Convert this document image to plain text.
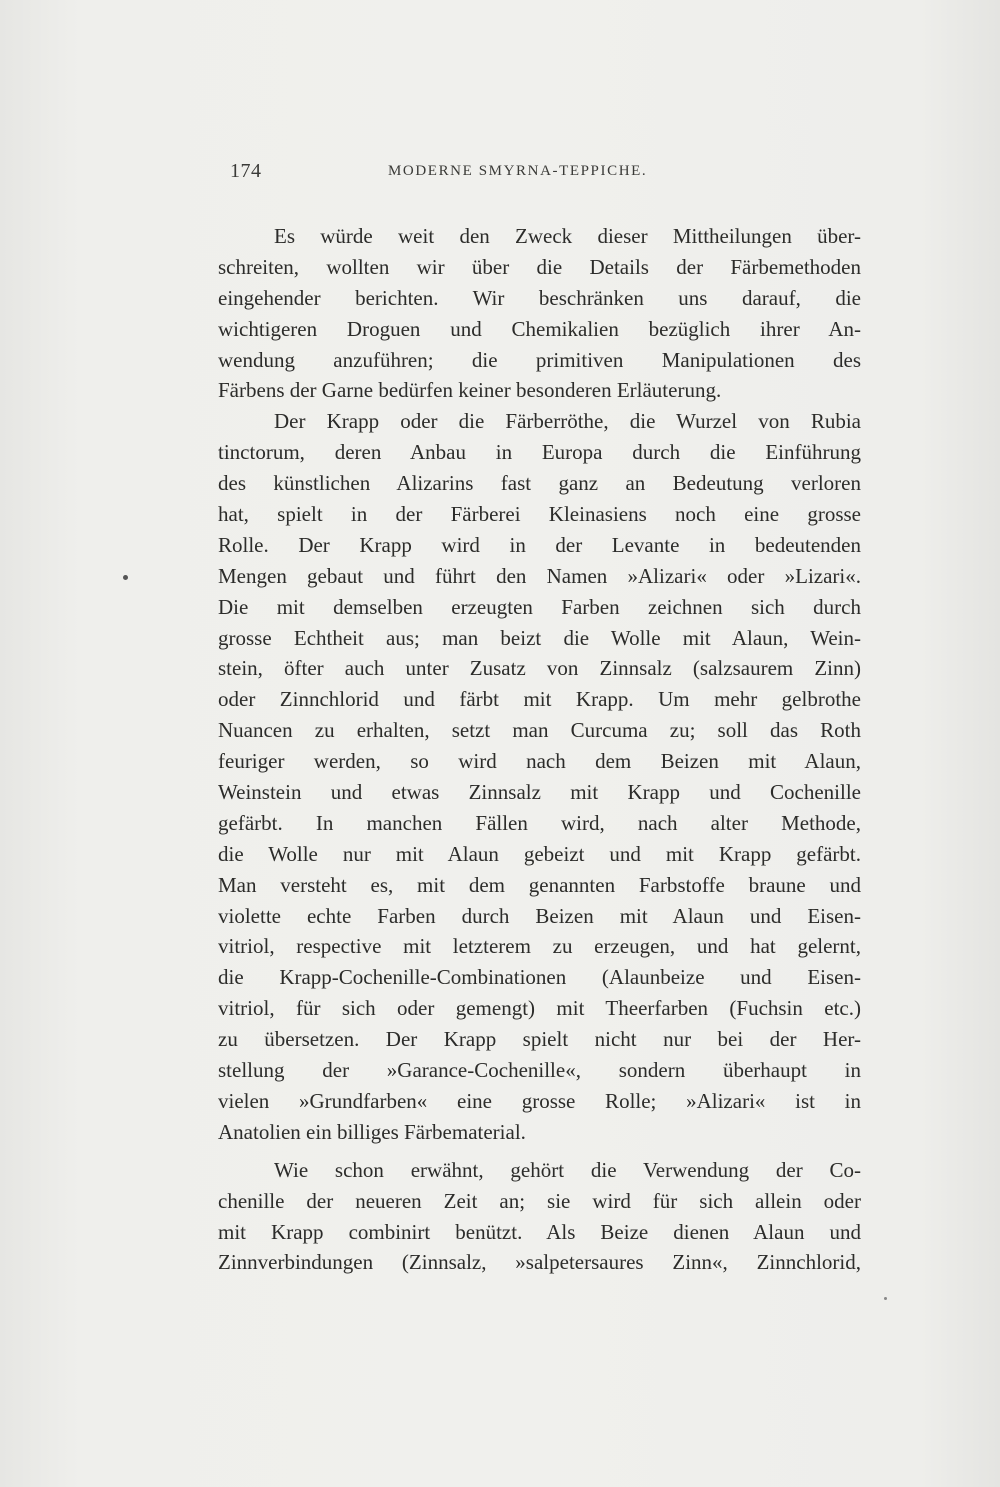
174	MODERNE SMYRNA-TEPPICHE.
Es würde weit den Zweck dieser Mittheilungen über-
schreiten, wollten wir über die Details der Färbemethoden
eingehender berichten. Wir beschränken uns darauf, die
wichtigeren Droguen und Chemikalien bezüglich ihrer An-
wendung anzuführen; die primitiven Manipulationen des
Färbens der Garne bedürfen keiner besonderen Erläuterung.
Der Krapp oder die Färberröthe, die Wurzel von Rubia
tinctorum, deren Anbau in Europa durch die Einführung
des künstlichen Alizarins fast ganz an Bedeutung verloren
hat, spielt in der Färberei Kleinasiens noch eine grosse
Rolle. Der Krapp wird in der Levante in bedeutenden
Mengen gebaut und führt den Namen »Alizari« oder »Lizari«.
Die mit demselben erzeugten Farben zeichnen sich durch
grosse Echtheit aus; man beizt die Wolle mit Alaun, Wein-
stein, öfter auch unter Zusatz von Zinnsalz (salzsaurem Zinn)
oder Zinnchlorid und färbt mit Krapp. Um mehr gelbrothe
Nuancen zu erhalten, setzt man Curcuma zu; soll das Roth
feuriger werden, so wird nach dem Beizen mit Alaun,
Weinstein und etwas Zinnsalz mit Krapp und Cochenille
gefärbt. In manchen Fällen wird, nach alter Methode,
die Wolle nur mit Alaun gebeizt und mit Krapp gefärbt.
Man versteht es, mit dem genannten Farbstoffe braune und
violette echte Farben durch Beizen mit Alaun und Eisen-
vitriol, respective mit letzterem zu erzeugen, und hat gelernt,
die Krapp-Cochenille-Combinationen (Alaunbeize und Eisen-
vitriol, für sich oder gemengt) mit Theerfarben (Fuchsin etc.)
zu übersetzen. Der Krapp spielt nicht nur bei der Her-
stellung der »Garance-Cochenille«, sondern überhaupt in
vielen »Grundfarben« eine grosse Rolle; »Alizari« ist in
Anatolien ein billiges Färbematerial.
Wie schon erwähnt, gehört die Verwendung der Co-
chenille der neueren Zeit an; sie wird für sich allein oder
mit Krapp combinirt benützt. Als Beize dienen Alaun und
Zinnverbindungen (Zinnsalz, »salpetersaures Zinn«, Zinnchlorid,
